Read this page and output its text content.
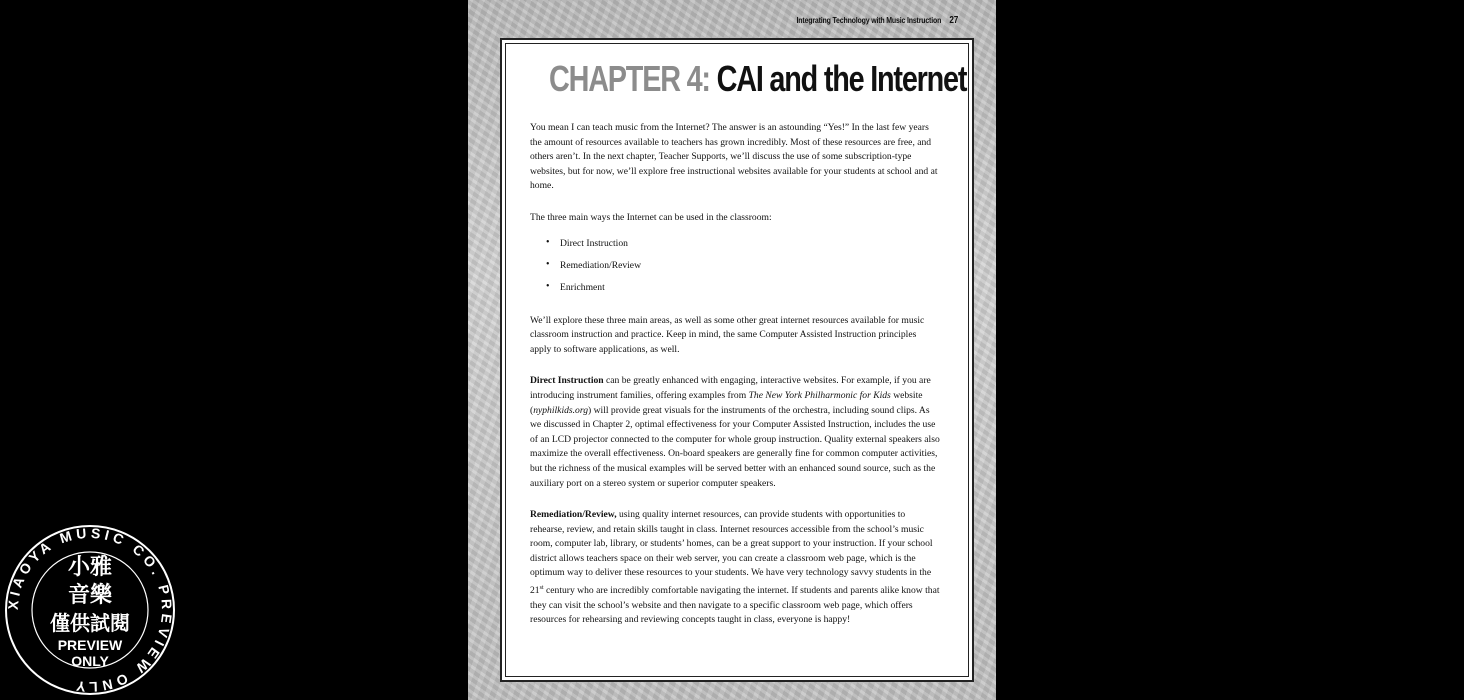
Integrating Technology with Music Instruction 27
CHAPTER 4: CAI and the Internet

You mean I can teach music from the Internet? The answer is an astounding “Yes!” In the last few years the amount of resources available to teachers has grown incredibly. Most of these resources are free, and others aren’t. In the next chapter, Teacher Supports, we’ll discuss the use of some subscription-type websites, but for now, we’ll explore free instructional websites available for your students at school and at home.

The three main ways the Internet can be used in the classroom:

• Direct Instruction
• Remediation/Review
• Enrichment

We’ll explore these three main areas, as well as some other great internet resources available for music classroom instruction and practice. Keep in mind, the same Computer Assisted Instruction principles apply to software applications, as well.

Direct Instruction can be greatly enhanced with engaging, interactive websites. For example, if you are introducing instrument families, offering examples from The New York Philharmonic for Kids website (nyphilkids.org) will provide great visuals for the instruments of the orchestra, including sound clips. As we discussed in Chapter 2, optimal effectiveness for your Computer Assisted Instruction, includes the use of an LCD projector connected to the computer for whole group instruction. Quality external speakers also maximize the overall effectiveness. On-board speakers are generally fine for common computer activities, but the richness of the musical examples will be served better with an enhanced sound source, such as the auxiliary port on a stereo system or superior computer speakers.

Remediation/Review, using quality internet resources, can provide students with opportunities to rehearse, review, and retain skills taught in class. Internet resources accessible from the school’s music room, computer lab, library, or students’ homes, can be a great support to your instruction. If your school district allows teachers space on their web server, you can create a classroom web page, which is the optimum way to deliver these resources to your students. We have very technology savvy students in the 21st century who are incredibly comfortable navigating the internet. If students and parents alike know that they can visit the school’s website and then navigate to a specific classroom web page, which offers resources for rehearsing and reviewing concepts taught in class, everyone is happy!

XIAOYA MUSIC CO. PREVIEW ONLY
小雅
音樂
僅供試閱
PREVIEW
ONLY
